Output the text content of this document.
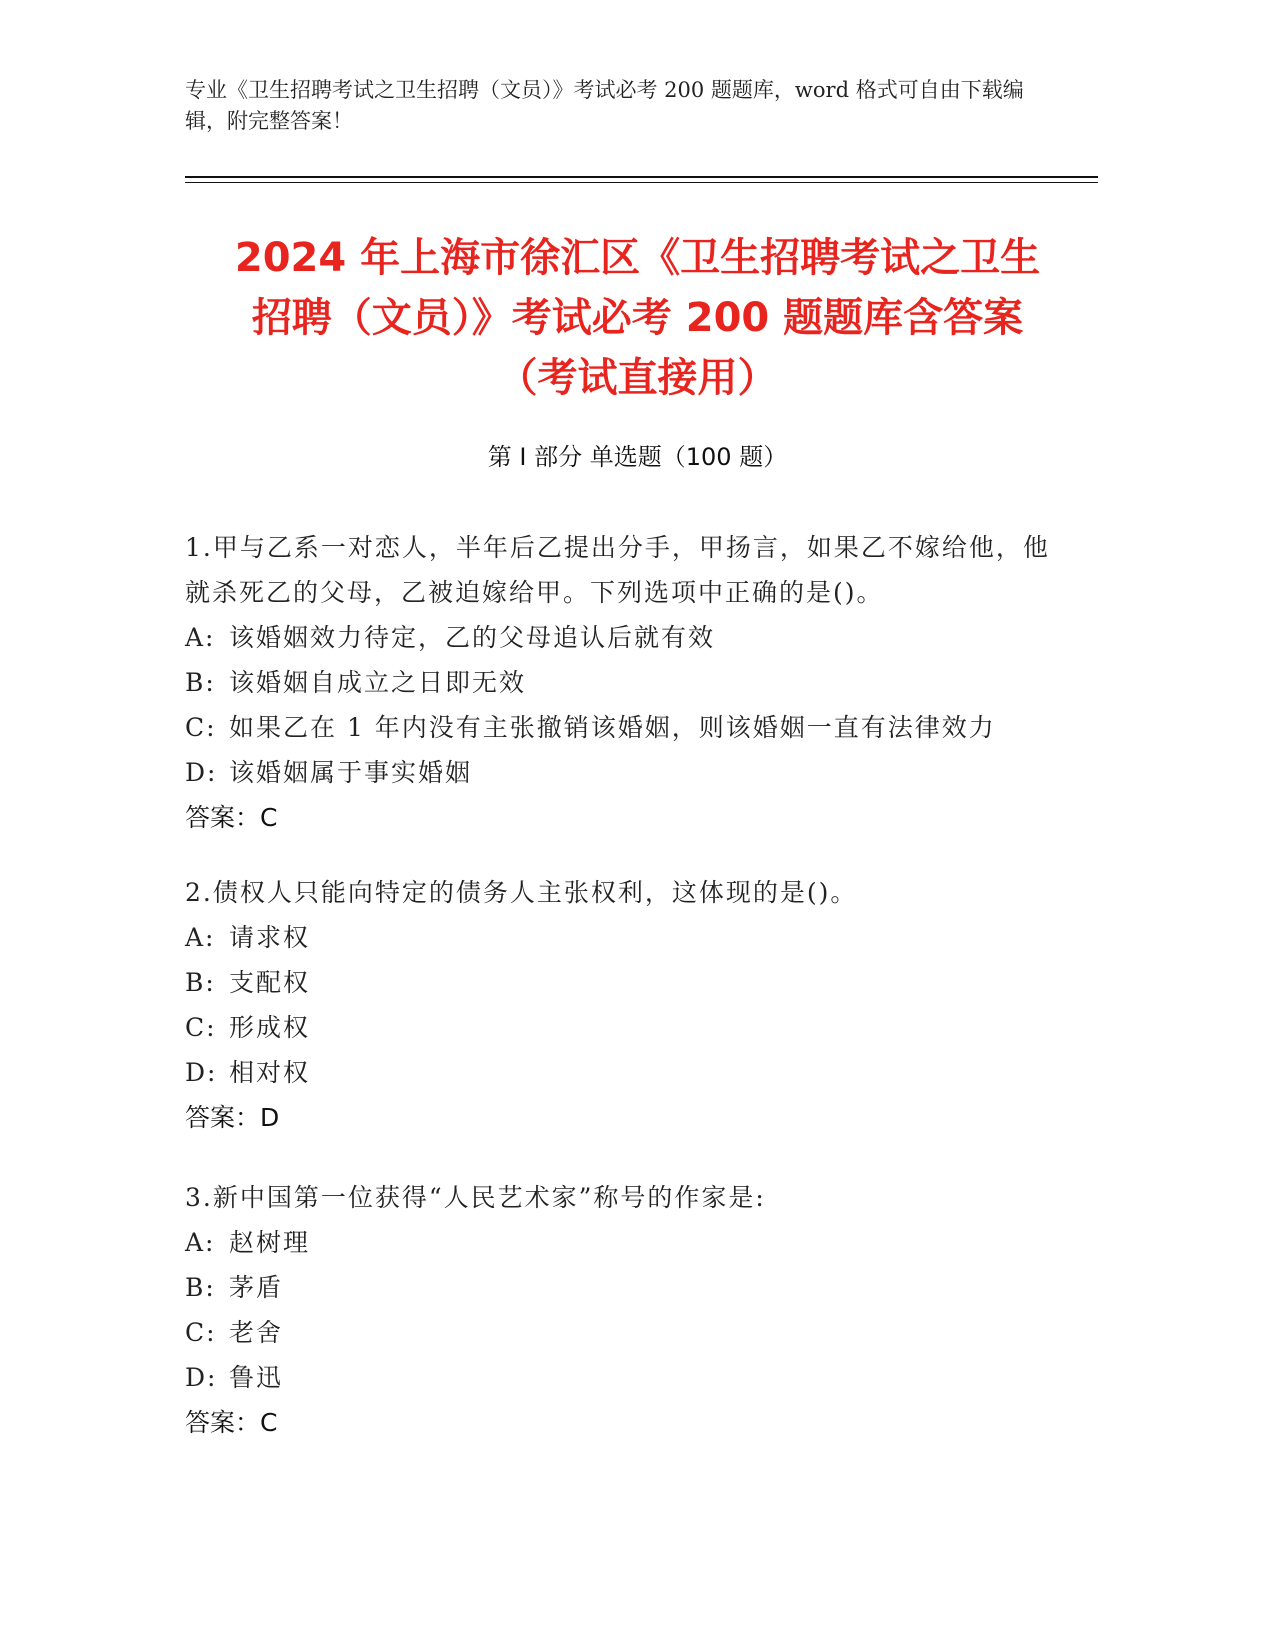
专业《卫生招聘考试之卫生招聘（文员）》考试必考 200 题题库，word 格式可自由下载编辑，附完整答案！
2024 年上海市徐汇区《卫生招聘考试之卫生
招聘（文员）》考试必考 200 题题库含答案
（考试直接用）
第 I 部分 单选题（100 题）
1.甲与乙系一对恋人，半年后乙提出分手，甲扬言，如果乙不嫁给他，他就杀死乙的父母，乙被迫嫁给甲。下列选项中正确的是()。
A: 该婚姻效力待定，乙的父母追认后就有效
B: 该婚姻自成立之日即无效
C: 如果乙在 1 年内没有主张撤销该婚姻，则该婚姻一直有法律效力
D: 该婚姻属于事实婚姻
答案：C
2.债权人只能向特定的债务人主张权利，这体现的是()。
A: 请求权
B: 支配权
C: 形成权
D: 相对权
答案：D
3.新中国第一位获得“人民艺术家”称号的作家是:
A: 赵树理
B: 茅盾
C: 老舍
D: 鲁迅
答案：C
